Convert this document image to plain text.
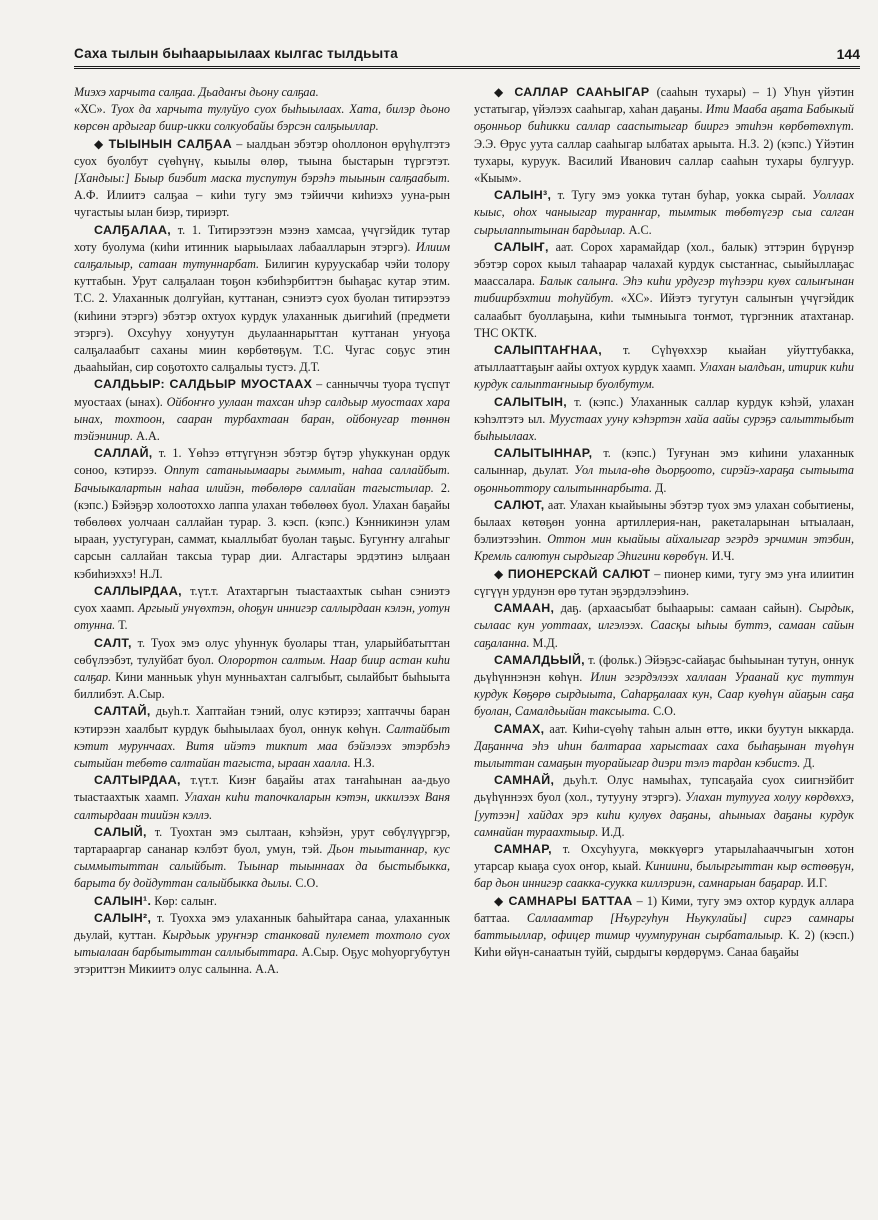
Саха тылын быһаарыылаах кылгас тылдьыта	144

Миэхэ харчыта салҕаа. Дьадаҥы дьону салҕаа.

«ХС». Туох да харчыта тулуйуо суох быһыылаах. Хата, билэр дьоно көрсөн ардыгар биир-икки солкуобайы бэрсэн салҕыыллар.

◆ ТЫЫНЫН САЛҔАА – ыалдьан эбэтэр оһоллонон өрүһүлтэтэ суох буолбут сүөһүнү, кыылы өлөр, тыына быстарын түргэтэт. [Хандыы:] Быыр биэбит маска туспутун бэрэһэ тыынын салҕаабыт. А.Ф. Илиитэ салҕаа – киһи тугу эмэ тэйиччи киһиэхэ ууна-рын чугастыы ылан биэр, тириэрт.

САЛҔАЛАА, т. 1. Титирээтээн мээнэ хамсаа, үчүгэйдик тутар хоту буолума (киһи итинник ыарыылаах лабаалларын этэргэ). Илиим салҕалыыр, сатаан тутуннарбат. Билигин куруускабар чэйи толору куттабын. Урут салҕалаан тоҕон кэбиһэрбиттэн быһаҕас кутар этим. Т.С. 2. Улаханнык долгуйан, куттанан, сэниэтэ суох буолан титирээтээ (киһини этэргэ) эбэтэр охтуох курдук улаханнык дьигиһий (предмети этэргэ). Охсуһуу хонуутун дьулааннарыттан куттанан уҥуоҕа салҕалаабыт саханы миин көрбөтөҕүм. Т.С. Чугас соҕус этин дьааһыйан, сир соҕотохто салҕалыы тустэ. Д.Т.

САЛДЬЫР: САЛДЬЫР МУОСТААХ – санныччы туора түспүт муостаах (ынах). Ойбоҥҥо уулаан тахсан иһэр салдьыр муостаах хара ынах, тохтоон, сааран турбахтаан баран, ойбонугар төннөн тэйэнинир. А.А.

САЛЛАЙ, т. 1. Үөһээ өттүгүнэн эбэтэр бүтэр уһуккунан ордук соноо, кэтирээ. Оппут сатаныымаары гыммыт, наһаа саллайбыт. Бачыыкалартын наһаа илийэн, төбөлөрө саллайан тагыстылар. 2. (кэпс.) Бэйэҕэр холоотоххо лаппа улахан төбөлөөх буол. Улахан баҕайы төбөлөөх уолчаан саллайан турар. 3. кэсп. (кэпс.) Кэнникинэн улам ыраан, уустугуран, саммат, кыаллыбат буолан таҕыс. Бугуҥҥу алгаһыг сарсын саллайан таксыа турар дии. Алгастары эрдэтинэ ылҕаан кэбиһиэххэ! Н.Л.

САЛЛЫРДАА, т.үт.т. Атахтаргын тыастаахтык сыһан сэниэтэ суох хаамп. Аргыый унүөхтэн, оһоҕун иннигэр саллырдаан кэлэн, уотун отунна. Т.

САЛТ, т. Туох эмэ олус уһуннук буолары ттан, уларыйбатыттан сөбүлээбэт, тулуйбат буол. Олорортон салтым. Наар биир астан киһи салҕар. Кини манньык уһун мунньахтан салгыбыт, сылайбыт быһыыта биллибэт. А.Сыр.

САЛТАЙ, дьуһ.т. Хаптайан тэний, олус кэтирээ; хаптаччы баран кэтирээн хаалбыт курдук быһыылаах буол, оннук көһүн. Салтайбыт кэтит мурунчаах. Витя ийэтэ тикпит маа бэйэлээх этэрбэһэ сытыйан тебөтө салтайан тагыста, ыраан хаалла. Н.З.

САЛТЫРДАА, т.үт.т. Киэҥ баҕайы атах таҥаһынан аа-дьуо тыастаахтык хаамп. Улахан киһи тапочкаларын кэтэн, иккилээх Ваня салтырдаан тиийэн кэллэ.

САЛЫЙ, т. Туохтан эмэ сылтаан, кэһэйэн, урут сөбүлүүргэр, тартарааргар сананар кэлбэт буол, умун, тэй. Дьон тыытаннар, кус сыммытыттан салыйбыт. Тыынар тыыннаах да быстыбыкка, барыта бу дойдуттан салыйбыкка дылы. С.О.

САЛЫН¹. Көр: салыҥ.

САЛЫН², т. Туохха эмэ улаханнык баһыйтара санаа, улаханнык дьулай, куттан. Кырдьык уруҥнэр станковай пулемет тохтоло суох ытыалаан барбытыттан саллыбыттара. А.Сыр. Оҕус моһуоргубутун этэриттэн Микиитэ олус салынна. А.А.

◆ САЛЛАР СААҺЫГАР (сааһын тухары) – 1) Уһун үйэтин устатыгар, үйэлээх сааһыгар, хаһан даҕаны. Ити Мааба аҕата Бабыкый оҕонньор биһикки саллар сааспытыгар бииргэ этиһэн көрбөтөхпүт. Э.Э. Өрус уута саллар сааһыгар ылбатах арыыта. Н.З. 2) (кэпс.) Үйэтин тухары, куруук. Василий Иванович саллар сааһын тухары булгуур. «Кыым».

САЛЫН³, т. Тугу эмэ уокка тутан буһар, уокка сырай. Уоллаах кыыс, оһох чаныыгар туранҥар, тымтык төбөтүгэр сыа салган сырылаппытынан бардылар. А.С.

САЛЫҤ, аат. Сорох харамайдар (хол., балык) эттэрин бүрүнэр эбэтэр сорох кыыл таһаарар чалахай курдук сыстаҥнас, сыыйыллаҕас маассалара. Балык салыҥа. Эһэ киһи урдугэр түһээри куөх салыҥынан тибиирбэхтии тоһуйбут. «ХС». Ийэтэ тугутун салыҥын үчүгэйдик салаабыт буоллаҕына, киһи тымныыга тоҥмот, түргэнник атахтанар. ТНС ОКТК.

САЛЫПТАҤНАА, т. Сүһүөххэр кыайан уйуттубакка, атыллааттаҕыҥ аайы охтуох курдук хаамп. Улахан ыалдьан, итирик киһи курдук салыптаҥныыр буолбутум.

САЛЫТЫН, т. (кэпс.) Улаханнык саллар курдук кэһэй, улахан кэһэлтэтэ ыл. Муустаах ууну кэһэртэн хайа аайы сурэҕэ салыттыбыт быһыылаах.

САЛЫТЫННАР, т. (кэпс.) Туғунан эмэ киһини улаханнык салыннар, дьулат. Уол тыла-өһө дьорҕоото, сирэйэ-хараҕа сытыыта оҕонньоттору салытыннарбыта. Д.

САЛЮТ, аат. Улахан кыайыыны эбэтэр туох эмэ улахан событиены, былаах көтөҕөн уонна артиллерия-нан, ракеталарынан ытыалаан, бэлиэтээһин. Оттон мин кыайыы айхалыгар эгэрдэ эрчимин этэбин, Кремль салютун сырдыгар Эһигини көрөбүн. И.Ч.

◆ ПИОНЕРСКАЙ САЛЮТ – пионер кими, тугу эмэ уҥа илиитин сүгүүн урдунэн өрө тутан эҕэрдэлээһинэ.

САМААН, даҕ. (архаасыбат быһаарыы: самаан сайын). Сырдык, сылаас кун уоттаах, илгэлээх. Саасқы ыһыы буттэ, самаан сайын саҕаланна. М.Д.

САМАЛДЬЫЙ, т. (фольк.) Эйэҕэс-сайаҕас быһыынан тутун, оннук дьүһүннэнэн көһүн. Илин эгэрдэлээх халлаан Ураанай кус туттун курдук Көҕөрө сырдыыта, Саһарҕалаах кун, Саар куөһүн айаҕын саҕа буолан, Самалдьыйан таксыыта. С.О.

САМАХ, аат. Киһи-сүөһү таһын алын өттө, икки буутун ыккарда. Даҕаннча эһэ иһин балтараа харыстаах саха быһаҕынан түөһүн тылыттан самаҕын туорайыгар диэри тэлэ тардан кэбистэ. Д.

САМНАЙ, дьуһ.т. Олус намыһах, тупсаҕайа суох сиигнэйбит дьүһүннээх буол (хол., тутууну этэргэ). Улахан тутууга холуу көрдөххэ, [уутээн] хайдах эрэ киһи кулуөх даҕаны, аһыныах даҕаны курдук самнайан тураахтыыр. И.Д.

САМНАР, т. Охсуһууга, мөккүөргэ утарылаһааччыгын хотон утарсар кыаҕа суох оҥор, кыай. Киниини, былыргыттан кыр өстөөҕүн, бар дьон иннигэр саакка-суукка киллэриэн, самнарыан баҕарар. И.Г.

◆ САМНАРЫ БАТТАА – 1) Кими, тугу эмэ охтор курдук аллара баттаа. Саллаамтар [Нъургуһун Ньукулайы] сиргэ самнары баттыыллар, офицер тимир чуумпурунан сырбаталыыр. К. 2) (кэсп.) Киһи өйүн-санаатын туйй, сырдыгы көрдөрүмэ. Санаа баҕайы
